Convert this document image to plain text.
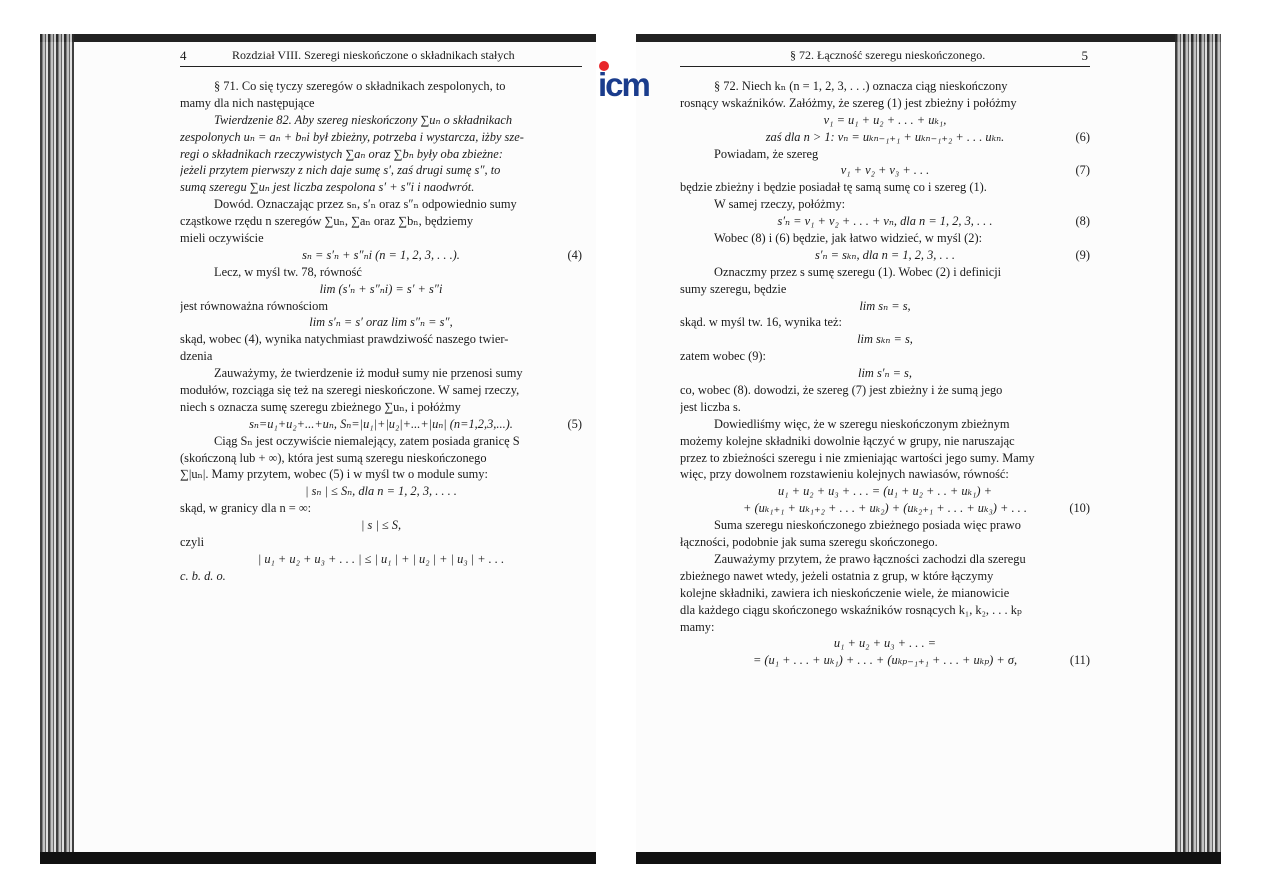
4	Rozdział VIII. Szeregi nieskończone o składnikach stałych	§ 72. Łączność szeregu nieskończonego.	5
icm
§ 71. Co się tyczy szeregów o składnikach zespolonych, to
mamy dla nich następujące
Twierdzenie 82. Aby szereg nieskończony ∑uₙ o składnikach
zespolonych uₙ = aₙ + bₙi był zbieżny, potrzeba i wystarcza, iżby sze-
regi o składnikach rzeczywistych ∑aₙ oraz ∑bₙ były oba zbieżne:
jeżeli przytem pierwszy z nich daje sumę s′, zaś drugi sumę s″, to
sumą szeregu ∑uₙ jest liczba zespolona s′ + s″i i naodwrót.
Dowód. Oznaczając przez sₙ, s′ₙ oraz s″ₙ odpowiednio sumy
cząstkowe rzędu n szeregów ∑uₙ, ∑aₙ oraz ∑bₙ, będziemy
mieli oczywiście
sₙ = s′ₙ + s″ₙi (n = 1, 2, 3, . . .).	(4)
Lecz, w myśl tw. 78, równość
lim (s′ₙ + s″ₙi) = s′ + s″i
jest równoważna równościom
lim s′ₙ = s′ oraz lim s″ₙ = s″,
skąd, wobec (4), wynika natychmiast prawdziwość naszego twier-
dzenia
Zauważymy, że twierdzenie iż moduł sumy nie przenosi sumy
modułów, rozciąga się też na szeregi nieskończone. W samej rzeczy,
niech s oznacza sumę szeregu zbieżnego ∑uₙ, i połóżmy
sₙ=u₁+u₂+...+uₙ, Sₙ=|u₁|+|u₂|+...+|uₙ| (n=1,2,3,...).	(5)
Ciąg Sₙ jest oczywiście niemalejący, zatem posiada granicę S
(skończoną lub + ∞), która jest sumą szeregu nieskończonego
∑|uₙ|. Mamy przytem, wobec (5) i w myśl tw o module sumy:
| sₙ | ≤ Sₙ, dla n = 1, 2, 3, . . . .
skąd, w granicy dla n = ∞:
| s | ≤ S,
czyli
| u₁ + u₂ + u₃ + . . . | ≤ | u₁ | + | u₂ | + | u₃ | + . . .
c. b. d. o.
§ 72. Niech kₙ (n = 1, 2, 3, . . .) oznacza ciąg nieskończony
rosnący wskaźników. Załóżmy, że szereg (1) jest zbieżny i połóżmy
v₁ = u₁ + u₂ + . . . + uₖ₁,
zaś dla n > 1: vₙ = uₖₙ₋₁₊₁ + uₖₙ₋₁₊₂ + . . . uₖₙ.	(6)
Powiadam, że szereg
v₁ + v₂ + v₃ + . . .	(7)
będzie zbieżny i będzie posiadał tę samą sumę co i szereg (1).
W samej rzeczy, połóżmy:
s′ₙ = v₁ + v₂ + . . . + vₙ, dla n = 1, 2, 3, . . .	(8)
Wobec (8) i (6) będzie, jak łatwo widzieć, w myśl (2):
s′ₙ = sₖₙ, dla n = 1, 2, 3, . . .	(9)
Oznaczmy przez s sumę szeregu (1). Wobec (2) i definicji
sumy szeregu, będzie
lim sₙ = s,
skąd. w myśl tw. 16, wynika też:
lim sₖₙ = s,
zatem wobec (9):
lim s′ₙ = s,
co, wobec (8). dowodzi, że szereg (7) jest zbieżny i że sumą jego
jest liczba s.
Dowiedliśmy więc, że w szeregu nieskończonym zbieżnym
możemy kolejne składniki dowolnie łączyć w grupy, nie naruszając
przez to zbieżności szeregu i nie zmieniając wartości jego sumy. Mamy
więc, przy dowolnem rozstawieniu kolejnych nawiasów, równość:
u₁ + u₂ + u₃ + . . . = (u₁ + u₂ + . . + uₖ₁) +
+ (uₖ₁₊₁ + uₖ₁₊₂ + . . . + uₖ₂) + (uₖ₂₊₁ + . . . + uₖ₃) + . . .	(10)
Suma szeregu nieskończonego zbieżnego posiada więc prawo
łączności, podobnie jak suma szeregu skończonego.
Zauważymy przytem, że prawo łączności zachodzi dla szeregu
zbieżnego nawet wtedy, jeżeli ostatnia z grup, w które łączymy
kolejne składniki, zawiera ich nieskończenie wiele, że mianowicie
dla każdego ciągu skończonego wskaźników rosnących k₁, k₂, . . . kₚ
mamy:
u₁ + u₂ + u₃ + . . . =
= (u₁ + . . . + uₖ₁) + . . . + (uₖₚ₋₁₊₁ + . . . + uₖₚ) + σ,	(11)
